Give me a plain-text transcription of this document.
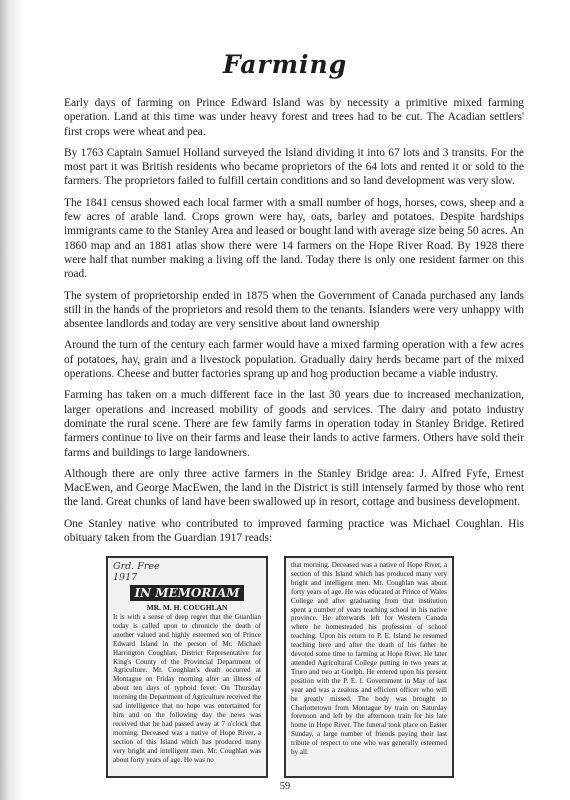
Farming

Early days of farming on Prince Edward Island was by necessity a primitive mixed farming operation. Land at this time was under heavy forest and trees had to be cut. The Acadian settlers' first crops were wheat and pea.

By 1763 Captain Samuel Holland surveyed the Island dividing it into 67 lots and 3 transits. For the most part it was British residents who became proprietors of the 64 lots and rented it or sold to the farmers. The proprietors failed to fulfill certain conditions and so land development was very slow.

The 1841 census showed each local farmer with a small number of hogs, horses, cows, sheep and a few acres of arable land. Crops grown were hay, oats, barley and potatoes. Despite hardships immigrants came to the Stanley Area and leased or bought land with average size being 50 acres. An 1860 map and an 1881 atlas show there were 14 farmers on the Hope River Road. By 1928 there were half that number making a living off the land. Today there is only one resident farmer on this road.

The system of proprietorship ended in 1875 when the Government of Canada purchased any lands still in the hands of the proprietors and resold them to the tenants. Islanders were very unhappy with absentee landlords and today are very sensitive about land ownership

Around the turn of the century each farmer would have a mixed farming operation with a few acres of potatoes, hay, grain and a livestock population. Gradually dairy herds became part of the mixed operations. Cheese and butter factories sprang up and hog production became a viable industry.

Farming has taken on a much different face in the last 30 years due to increased mechanization, larger operations and increased mobility of goods and services. The dairy and potato industry dominate the rural scene. There are few family farms in operation today in Stanley Bridge. Retired farmers continue to live on their farms and lease their lands to active farmers. Others have sold their farms and buildings to large landowners.

Although there are only three active farmers in the Stanley Bridge area: J. Alfred Fyfe, Ernest MacEwen, and George MacEwen, the land in the District is still intensely farmed by those who rent the land. Great chunks of land have been swallowed up in resort, cottage and business development.

One Stanley native who contributed to improved farming practice was Michael Coughlan. His obituary taken from the Guardian 1917 reads:

Grd. Free
1917
IN MEMORIAM
MR. M. H. COUGHLAN
It is with a sense of deep regret that the Guardian today is called upon to chronicle the death of another valued and highly esteemed son of Prince Edward Island in the person of Mr. Michael Harrington Coughlan, District Representative for King's County of the Provincial Department of Agriculture. Mr. Coughlan's death occurred at Montague on Friday morning after an illness of about ten days of typhoid fever. On Thursday morning the Department of Agriculture received the sad intelligence that no hope was entertained for him and on the following day the news was received that he had passed away at 7 o'clock that morning. Deceased was a native of Hope River, a section of this Island which has produced many very bright and intelligent men. Mr. Coughlan was about forty years of age. He was no
that morning. Deceased was a native of Hope River, a section of this Island which has produced many very bright and intelligent men. Mr. Coughlan was about forty years of age. He was educated at Prince of Wales College and after graduating from that institution spent a number of years teaching school in his native province. He afterwards left for Western Canada where he homesteaded his profession of school teaching. Upon his return to P. E. Island he resumed teaching here and after the death of his father he devoted some time to farming at Hope River. He later attended Agricultural College putting in two years at Truro and two at Guelph. He entered upon his present position with the P. E. I. Government in May of last year and was a zealous and efficient officer who will be greatly missed. The body was brought to Charlottetown from Montague by train on Saturday forenoon and left by the afternoon train for his late home in Hope River. The funeral took place on Easter Sunday, a large number of friends paying their last tribute of respect to one who was generally esteemed by all.
59
